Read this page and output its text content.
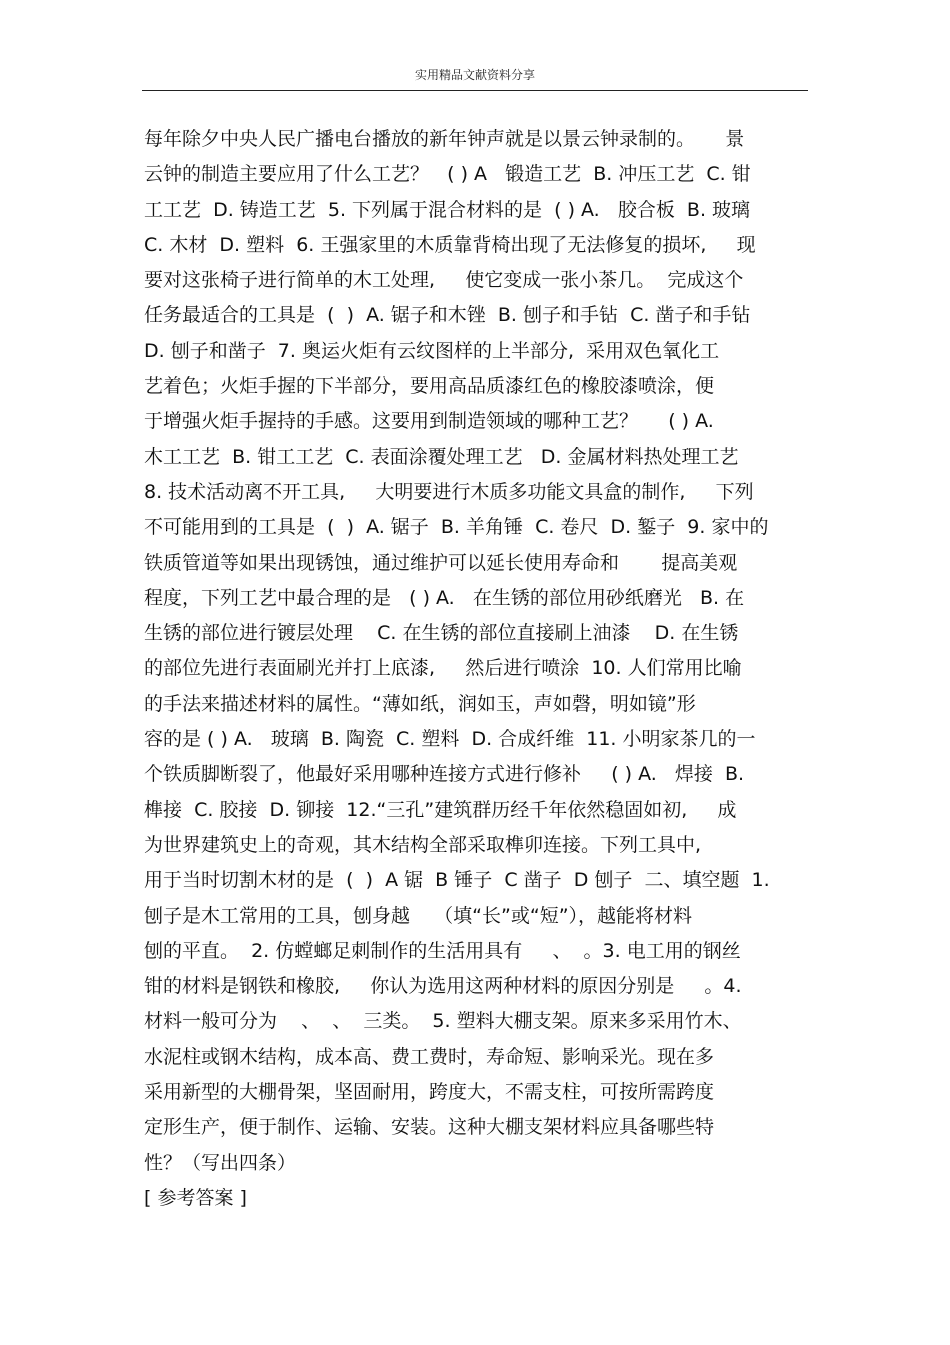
实用精品文献资料分享
每年除夕中央人民广播电台播放的新年钟声就是以景云钟录制的。     景
云钟的制造主要应用了什么工艺？   ( ) A   锻造工艺  B. 冲压工艺  C. 钳
工工艺  D. 铸造工艺  5. 下列属于混合材料的是  ( ) A.   胶合板  B. 玻璃
C. 木材  D. 塑料  6. 王强家里的木质靠背椅出现了无法修复的损坏,     现
要对这张椅子进行简单的木工处理,     使它变成一张小茶几。  完成这个
任务最适合的工具是  (  )  A. 锯子和木锉  B. 刨子和手钻  C. 凿子和手钻
D. 刨子和凿子  7. 奥运火炬有云纹图样的上半部分,  采用双色氧化工
艺着色；火炬手握的下半部分，要用高品质漆红色的橡胶漆喷涂，便
于增强火炬手握持的手感。这要用到制造领域的哪种工艺？     ( ) A.
木工工艺  B. 钳工工艺  C. 表面涂覆处理工艺   D. 金属材料热处理工艺
8. 技术活动离不开工具,     大明要进行木质多功能文具盒的制作,     下列
不可能用到的工具是  (  )  A. 锯子  B. 羊角锤  C. 卷尺  D. 錾子  9. 家中的
铁质管道等如果出现锈蚀，通过维护可以延长使用寿命和       提高美观
程度，下列工艺中最合理的是   ( ) A.   在生锈的部位用砂纸磨光   B. 在
生锈的部位进行镀层处理    C. 在生锈的部位直接刷上油漆    D. 在生锈
的部位先进行表面刷光并打上底漆,     然后进行喷涂  10. 人们常用比喻
的手法来描述材料的属性。“薄如纸，润如玉，声如磬，明如镜”形
容的是 ( ) A.   玻璃  B. 陶瓷  C. 塑料  D. 合成纤维  11. 小明家茶几的一
个铁质脚断裂了，他最好采用哪种连接方式进行修补     ( ) A.   焊接  B.
榫接  C. 胶接  D. 铆接  12.“三孔”建筑群历经千年依然稳固如初,     成
为世界建筑史上的奇观，其木结构全部采取榫卯连接。下列工具中,
用于当时切割木材的是  (  )  A 锯  B 锤子  C 凿子  D 刨子  二、填空题  1.
刨子是木工常用的工具，刨身越    （填“长”或“短”），越能将材料
刨的平直。  2. 仿螳螂足刺制作的生活用具有     、  。3. 电工用的钢丝
钳的材料是钢铁和橡胶,     你认为选用这两种材料的原因分别是     。4.
材料一般可分为    、  、  三类。  5. 塑料大棚支架。原来多采用竹木、
水泥柱或钢木结构，成本高、费工费时，寿命短、影响采光。现在多
采用新型的大棚骨架，坚固耐用，跨度大，不需支柱，可按所需跨度
定形生产，便于制作、运输、安装。这种大棚支架材料应具备哪些特
性？（写出四条）
[ 参考答案 ]
